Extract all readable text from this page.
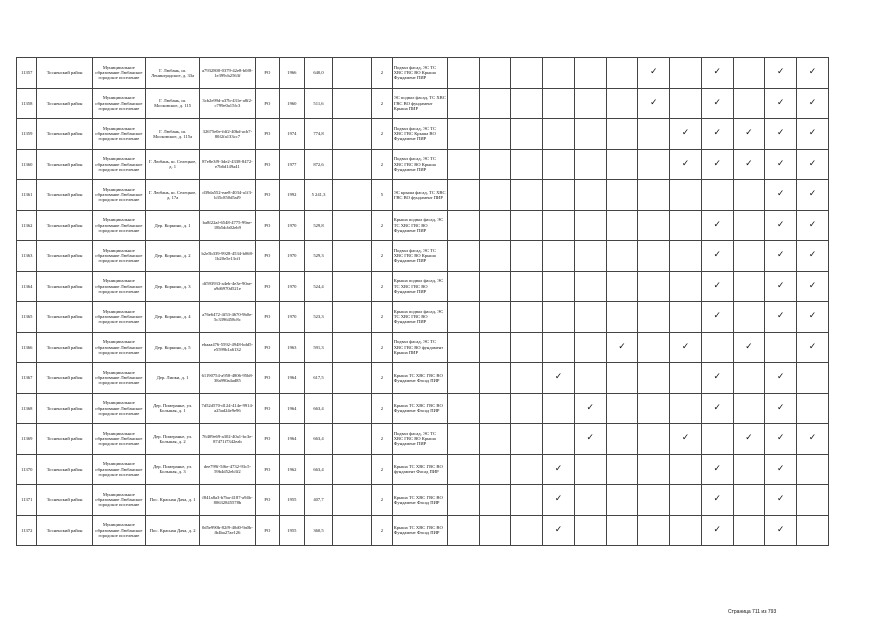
11357	Тосненский район	Муниципальное образование Любанское городское поселение	Г. Любань, ш. Ленинградское, д. 33а	a7932800-0379-42e8-b0f8-1e399cb2563f	РО	1966	640,0		2	Подвал фасад, ЭС ТС ХВС ГВС ВО Крыша Фундамент ПИР							✓		✓		✓	✓
11358	Тосненский район	Муниципальное образование Любанское городское поселение	Г. Любань, ш. Московское, д. 115	3cb2e99d-a37b-431e-a8f2-c799e0a15fc3	РО	1960	511,6		2	ЭС подвал фасад, ТС ХВС ГВС ВО фундамент Крыша ПИР							✓		✓		✓	✓
11359	Тосненский район	Муниципальное образование Любанское городское поселение	Г. Любань, ш. Московское, д. 115а	32675e0e-fdf2-40bd-acb7-80f2fa133cc7	РО	1974	774,8		2	Подвал фасад, ЭС ТС ХВС ГВС Крыша ВО Фундамент ПИР								✓	✓	✓	✓	✓
11360	Тосненский район	Муниципальное образование Любанское городское поселение	Г. Любань, ш. Селецкое, д. 1	87e8e3f9-3de2-4338-8472-e7b6d149a41	РО	1977	872,6		2	Подвал фасад, ЭС ТС ХВС ГВС ВО Крыша Фундамент ПИР								✓	✓	✓	✓	✓
11361	Тосненский район	Муниципальное образование Любанское городское поселение	Г. Любань, ш. Селецкое, д. 17а	d39da552-eae8-4034-a1f3-b35c850d5af9	РО	1992	5 241,3		5	ЭС крыша фасад, ТС ХВС ГВС ВО фундамент ПИР											✓	✓
11362	Тосненский район	Муниципальное образование Любанское городское поселение	Дер. Коркино, д. 1	ba8f22af-6548-4775-99ae-18b5dcb02eb9	РО	1970	529,8		2	Крыша подвал фасад, ЭС ТС ХВС ГВС ВО Фундамент ПИР									✓		✓	✓
11363	Тосненский район	Муниципальное образование Любанское городское поселение	Дер. Коркино, д. 2	b2e5b339-9928-4534-b068-1b20e5e13cff	РО	1970	529,3		2	Подвал фасад, ЭС ТС ХВС ГВС ВО Крыша Фундамент ПИР									✓		✓	✓
11364	Тосненский район	Муниципальное образование Любанское городское поселение	Дер. Коркино, д. 3	df593933-a4eb-4e3e-90ae-a9d6970d521e	РО	1970	524,4		2	Крыша подвал фасад, ЭС ТС ХВС ГВС ВО Фундамент ПИР									✓		✓	✓
11365	Тосненский район	Муниципальное образование Любанское городское поселение	Дер. Коркино, д. 4	a76e6472-4f53-4670-9b0e-5c3396458c8c	РО	1970	523,3		2	Крыша подвал фасад, ЭС ТС ХВС ГВС ВО Фундамент ПИР									✓		✓	✓
11366	Тосненский район	Муниципальное образование Любанское городское поселение	Дер. Коркино, д. 5	ebaaa476-5592-4948-bdd5-e5599b1a6132	РО	1963	591,3		2	Подвал фасад, ЭС ТС ХВС ГВС ВО фундамент Крыша ПИР						✓		✓		✓		✓
11367	Тосненский район	Муниципальное образование Любанское городское поселение	Дер. Липки, д. 1	61190754-a958-4806-95b8-38a990a4ad85	РО	1964	617,5		2	Крыша ТС ХВС ГВС ВО Фундамент Фасад ПИР				✓					✓		✓	
11368	Тосненский район	Муниципальное образование Любанское городское поселение	Дер. Померанье, ул. Большая, д. 1	7d52d570-d124-414e-9914-a25ad24e9e96	РО	1964	663,4		2	Крыша ТС ХВС ГВС ВО Фундамент Фасад ПИР					✓				✓		✓	
11369	Тосненский район	Муниципальное образование Любанское городское поселение	Дер. Померанье, ул. Большая, д. 2	76409e69-a302-40a1-bc3e-87471f7342eab	РО	1964	663,4		2	Подвал фасад, ЭС ТС ХВС ГВС ВО Крыша Фундамент ПИР					✓			✓		✓	✓	✓
11370	Тосненский район	Муниципальное образование Любанское городское поселение	Дер. Померанье, ул. Большая, д. 3	dee799f-5f6e-4732-93c5-59b4d52eb3f2	РО	1962	663,4		2	Крыша ТС ХВС ГВС ВО фундамент Фасад ПИР				✓					✓		✓	
11371	Тосненский район	Муниципальное образование Любанское городское поселение	Пос. Красная Дача, д. 1	f841a8a3-b7ba-4187-a94b-80632845578b	РО	1955	407,7		2	Крыша ТС ХВС ГВС ВО Фундамент Фасад ПИР				✓					✓		✓	
11372	Тосненский район	Муниципальное образование Любанское городское поселение	Пос. Красная Дача, д. 2	0d5e990b-82f9-40d0-9a0b-fb4ba27ae126	РО	1955	360,5		2	Крыша ТС ХВС ГВС ВО Фундамент Фасад ПИР				✓					✓		✓	
Страница 711 из 793
